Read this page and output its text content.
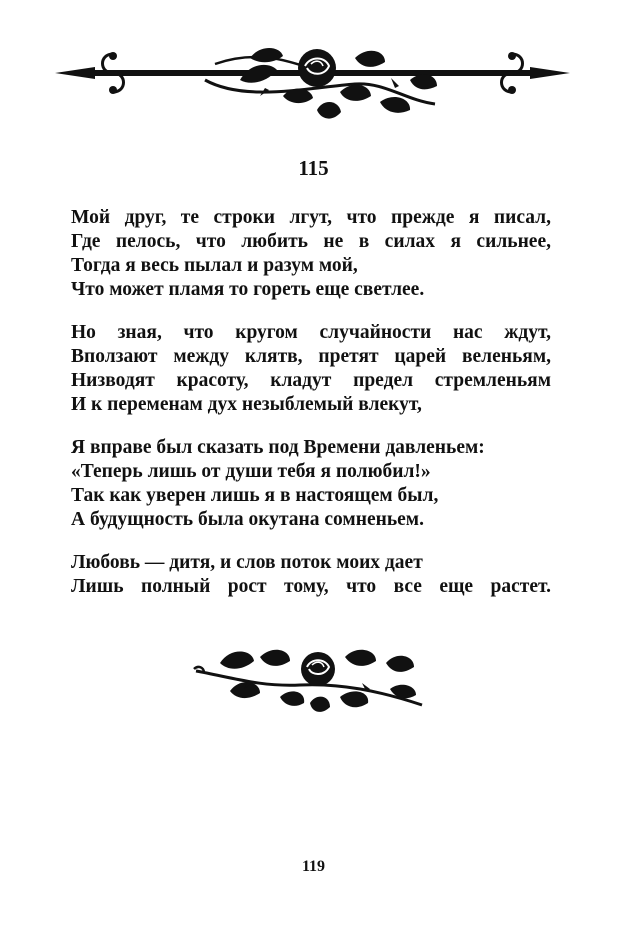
115
Мой друг, те строки лгут, что прежде я писал,
Где пелось, что любить не в силах я сильнее,
Тогда я весь пылал и разум мой,
Что может пламя то гореть еще светлее.
Но зная, что кругом случайности нас ждут,
Вползают между клятв, претят царей веленьям,
Низводят красоту, кладут предел стремленьям
И к переменам дух незыблемый влекут,
Я вправе был сказать под Времени давленьем:
«Теперь лишь от души тебя я полюбил!»
Так как уверен лишь я в настоящем был,
А будущность была окутана сомненьем.
Любовь — дитя, и слов поток моих дает
Лишь полный рост тому, что все еще растет.
119
